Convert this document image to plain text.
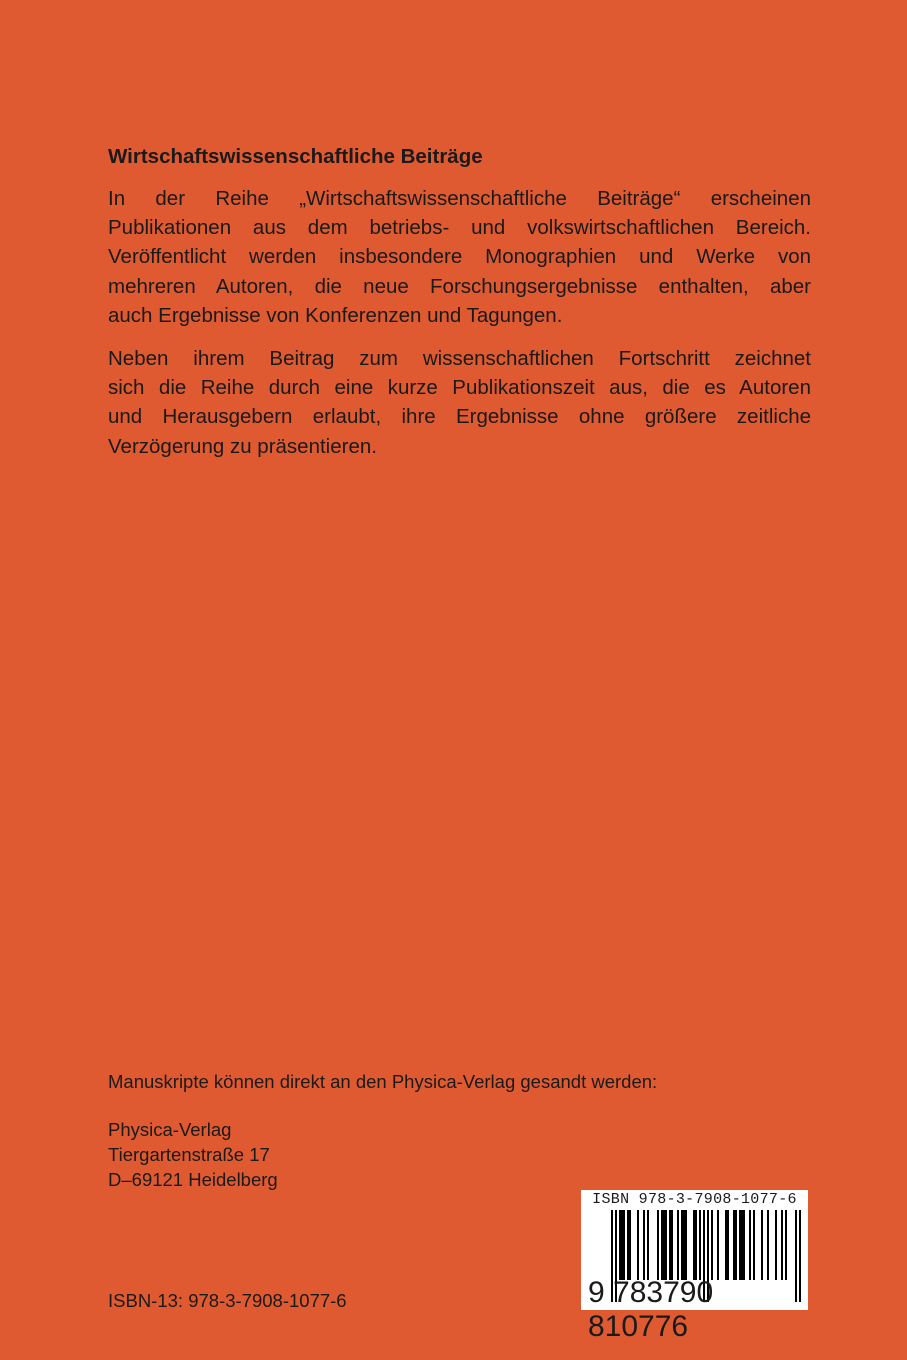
Wirtschaftswissenschaftliche Beiträge
In der Reihe „Wirtschaftswissenschaftliche Beiträge“ erscheinen
Publikationen aus dem betriebs- und volkswirtschaftlichen Bereich.
Veröffentlicht werden insbesondere Monographien und Werke von
mehreren Autoren, die neue Forschungsergebnisse enthalten, aber
auch Ergebnisse von Konferenzen und Tagungen.
Neben ihrem Beitrag zum wissenschaftlichen Fortschritt zeichnet
sich die Reihe durch eine kurze Publikationszeit aus, die es Autoren
und Herausgebern erlaubt, ihre Ergebnisse ohne größere zeitliche
Verzögerung zu präsentieren.
Manuskripte können direkt an den Physica-Verlag gesandt werden:
Physica-Verlag
Tiergartenstraße 17
D–69121 Heidelberg
ISBN-13: 978-3-7908-1077-6
ISBN 978-3-7908-1077-6
9 783790 810776
